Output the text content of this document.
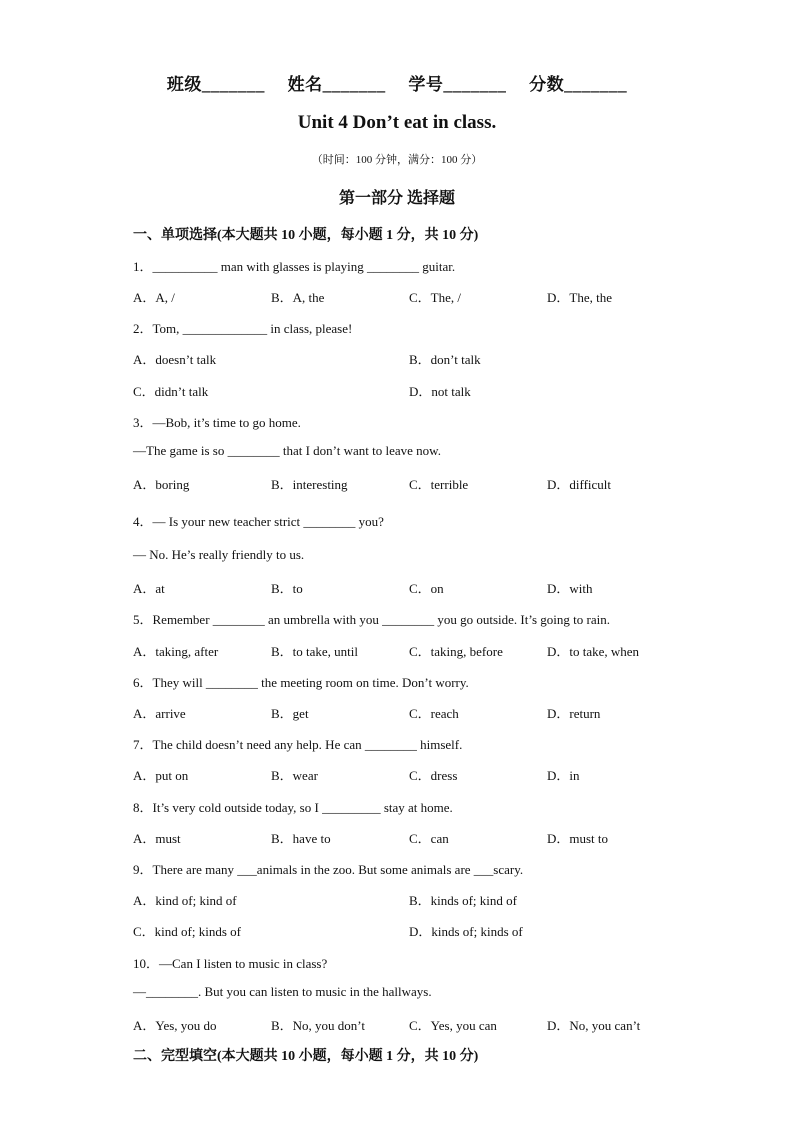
班级_______ 姓名_______ 学号_______ 分数_______
Unit 4 Don’t eat in class.
（时间：100 分钟，满分：100 分）
第一部分 选择题
一、单项选择(本大题共 10 小题，每小题 1 分，共 10 分)
1．__________ man with glasses is playing ________ guitar.
A．A, /	B．A, the	C．The, /	D．The, the
2．Tom, _____________ in class, please!
A．doesn’t talk	B．don’t talk
C．didn’t talk	D．not talk
3．—Bob, it’s time to go home.
—The game is so ________ that I don’t want to leave now.
A．boring	B．interesting	C．terrible	D．difficult
4．— Is your new teacher strict ________ you?
— No. He’s really friendly to us.
A．at	B．to	C．on	D．with
5．Remember ________ an umbrella with you ________ you go outside. It’s going to rain.
A．taking, after	B．to take, until	C．taking, before	D．to take, when
6．They will ________ the meeting room on time. Don’t worry.
A．arrive	B．get	C．reach	D．return
7．The child doesn’t need any help. He can ________ himself.
A．put on	B．wear	C．dress	D．in
8．It’s very cold outside today, so I _________ stay at home.
A．must	B．have to	C．can	D．must to
9．There are many ___animals in the zoo. But some animals are ___scary.
A．kind of; kind of	B．kinds of; kind of
C．kind of; kinds of	D．kinds of; kinds of
10．—Can I listen to music in class?
—________. But you can listen to music in the hallways.
A．Yes, you do	B．No, you don’t	C．Yes, you can	D．No, you can’t
二、完型填空(本大题共 10 小题，每小题 1 分，共 10 分)
